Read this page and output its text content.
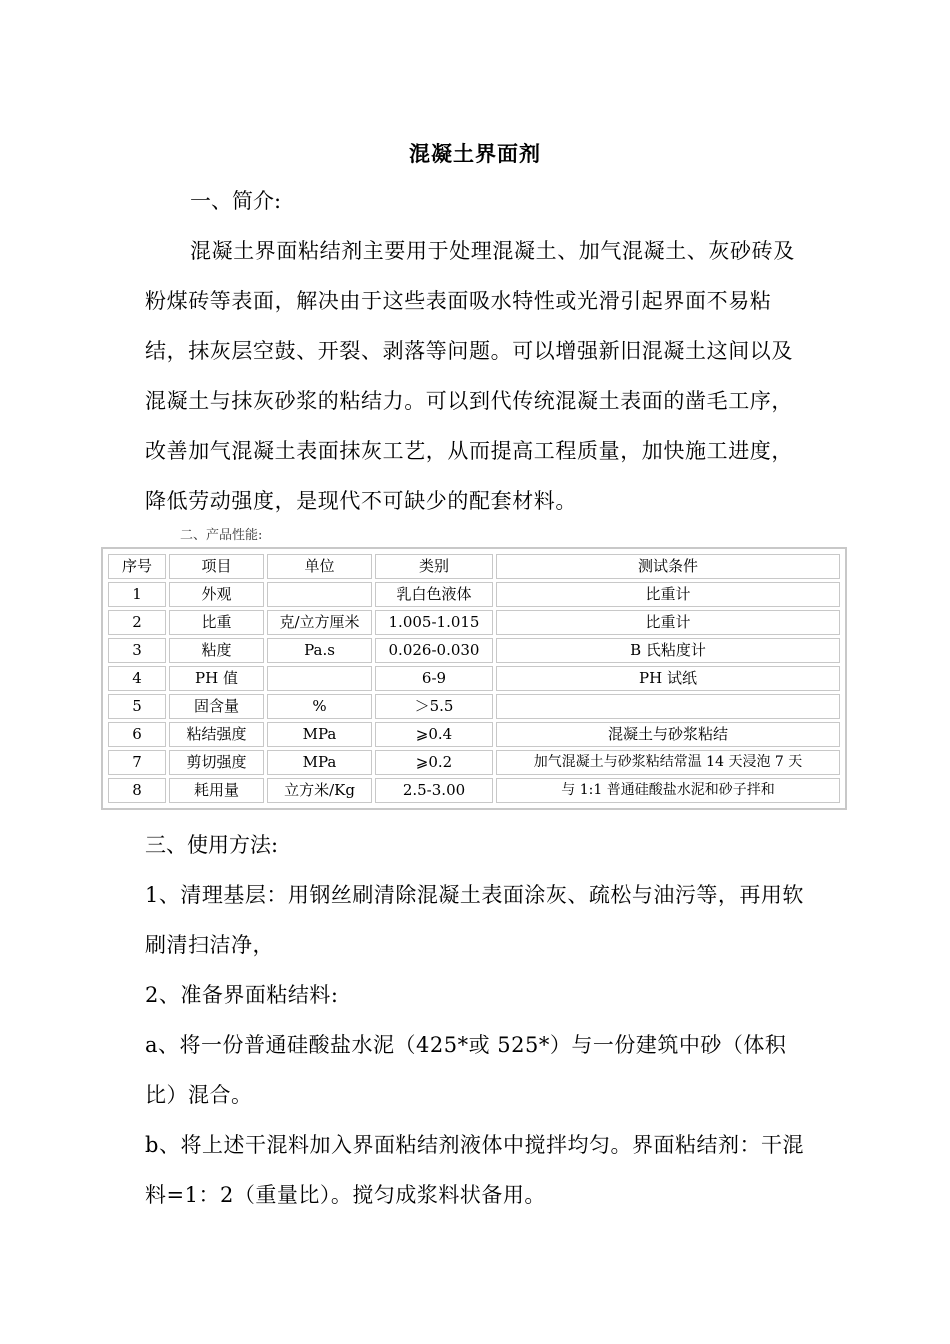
混凝土界面剂
一、简介:
混凝土界面粘结剂主要用于处理混凝土、加气混凝土、灰砂砖及粉煤砖等表面，解决由于这些表面吸水特性或光滑引起界面不易粘结，抹灰层空鼓、开裂、剥落等问题。可以增强新旧混凝土这间以及混凝土与抹灰砂浆的粘结力。可以到代传统混凝土表面的凿毛工序，改善加气混凝土表面抹灰工艺，从而提高工程质量，加快施工进度，降低劳动强度，是现代不可缺少的配套材料。
二、产品性能:
序号	项目	单位	类别	测试条件
1	外观		乳白色液体	比重计
2	比重	克/立方厘米	1.005-1.015	比重计
3	粘度	Pa.s	0.026-0.030	B 氏粘度计
4	PH 值		6-9	PH 试纸
5	固含量	%	＞5.5	
6	粘结强度	MPa	⩾0.4	混凝土与砂浆粘结
7	剪切强度	MPa	⩾0.2	加气混凝土与砂浆粘结常温 14 天浸泡 7 天
8	耗用量	立方米/Kg	2.5-3.00	与 1:1 普通硅酸盐水泥和砂子拌和
三、使用方法:
1、清理基层：用钢丝刷清除混凝土表面涂灰、疏松与油污等，再用软刷清扫洁净，
2、准备界面粘结料:
a、将一份普通硅酸盐水泥（425*或 525*）与一份建筑中砂（体积比）混合。
b、将上述干混料加入界面粘结剂液体中搅拌均匀。界面粘结剂：干混料=1：2（重量比）。搅匀成浆料状备用。
